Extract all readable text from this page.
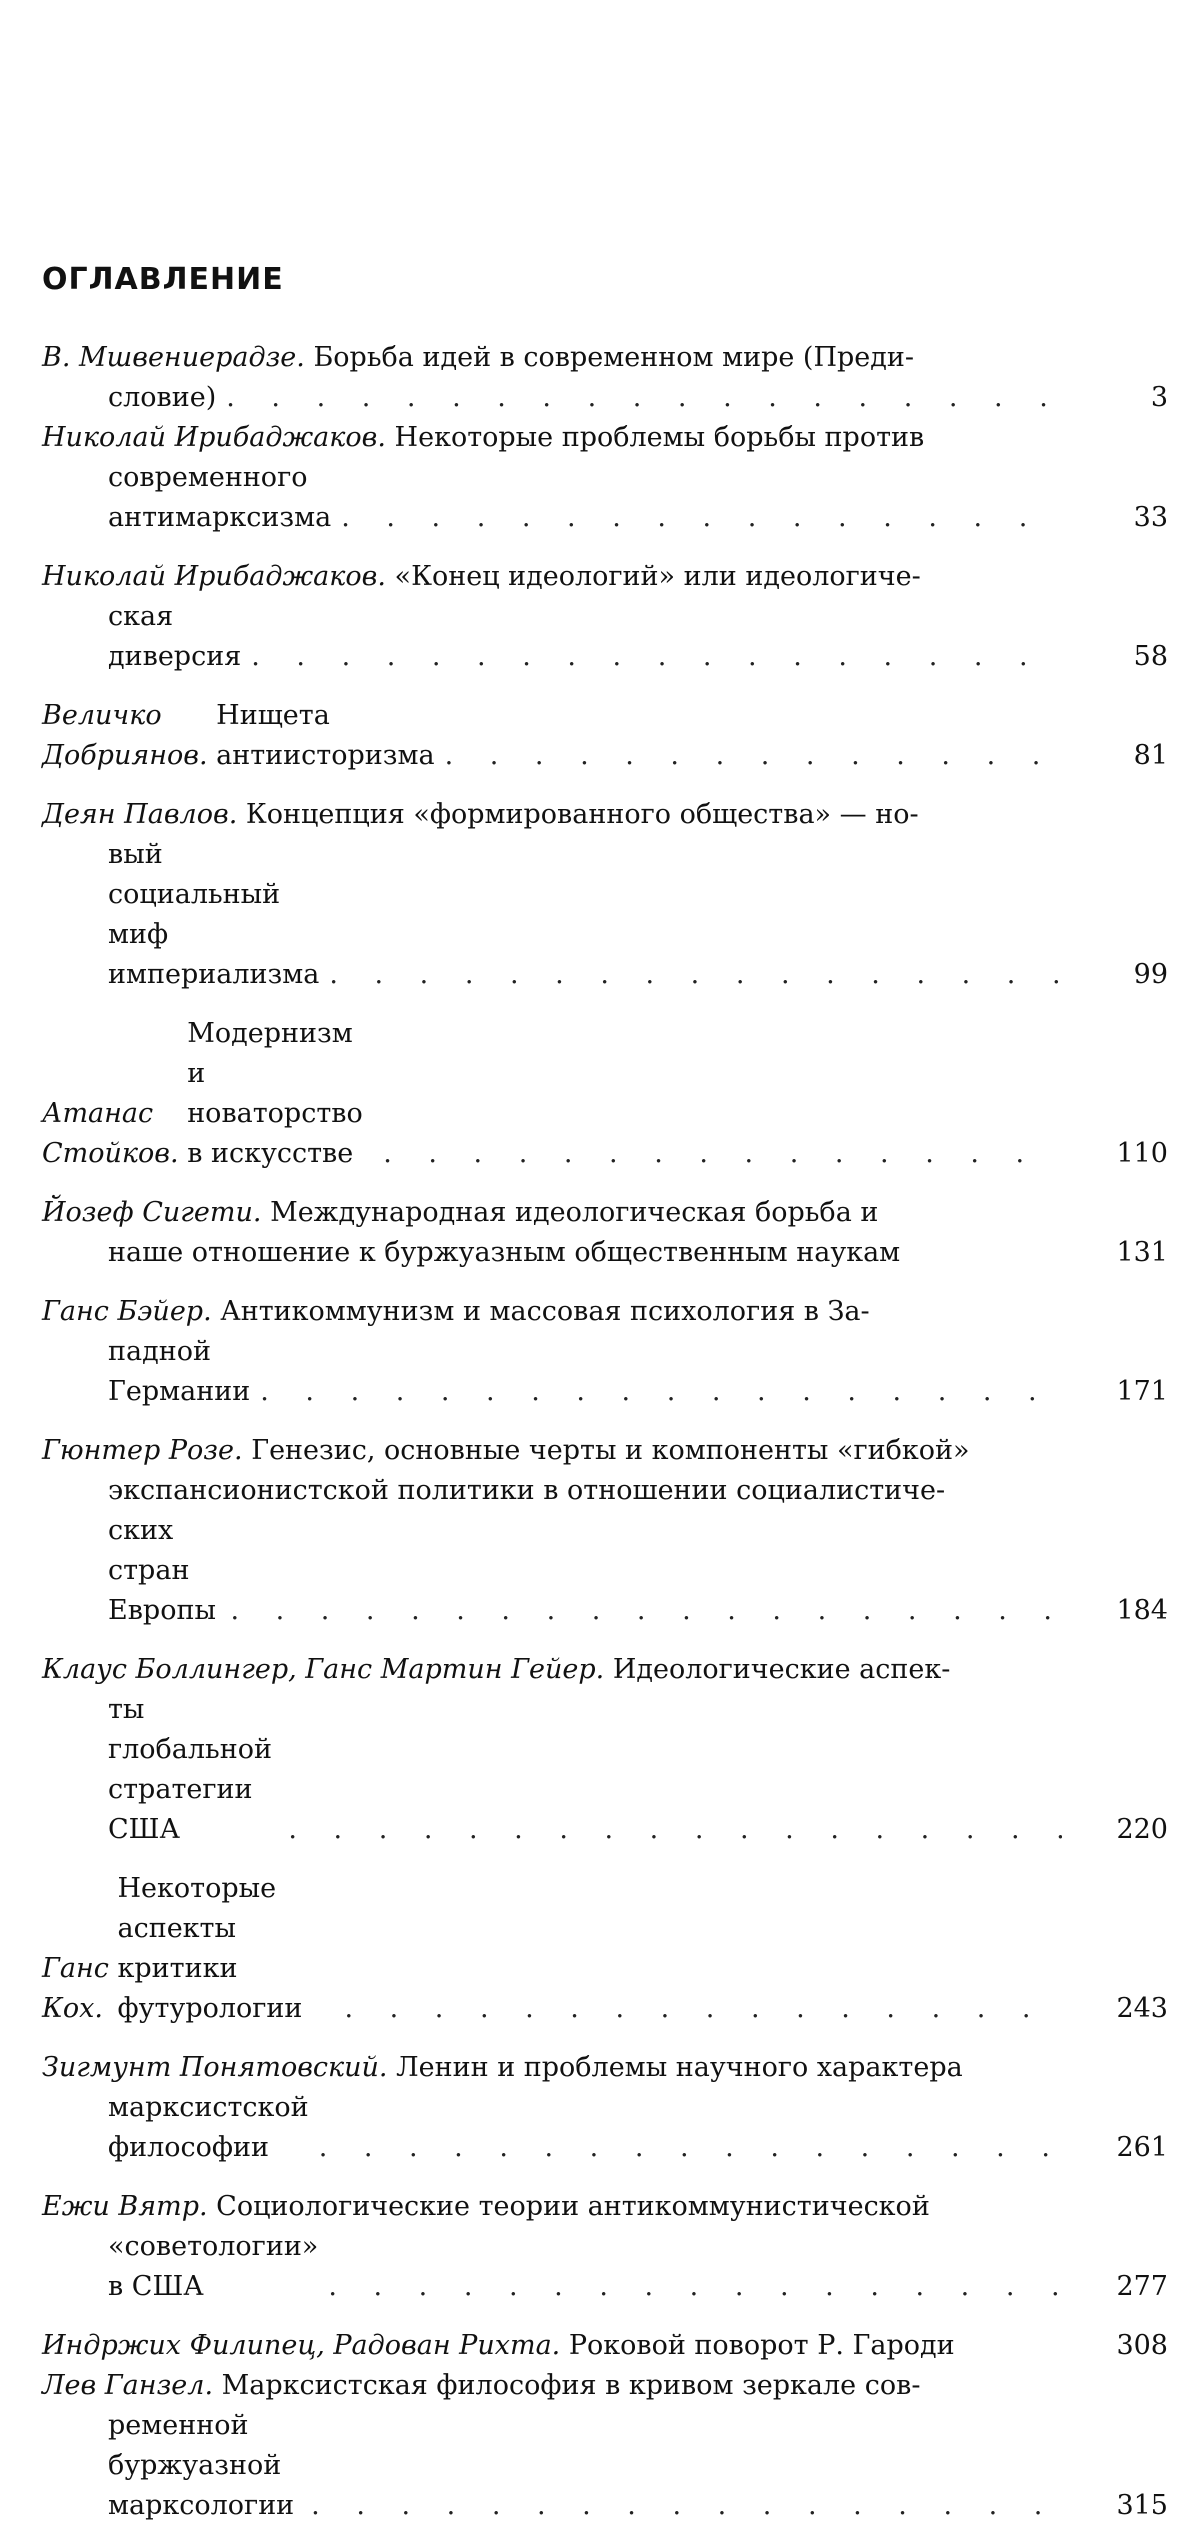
ОГЛАВЛЕНИЕ
В. Мшвениерадзе. Борьба идей в современном мире (Преди-
словие) . . .	3
Николай Ирибаджаков. Некоторые проблемы борьбы против
современного антимарксизма . . .	33
Николай Ирибаджаков. «Конец идеологий» или идеологиче-
ская диверсия . . .	58
Величко Добриянов.

Нищета антиисторизма . . .	81
Деян Павлов. Концепция «формированного общества» — но-
вый социальный миф империализма . . .	99
Атанас Стойков.

Модернизм и новаторство в искусстве . . .	110
Йозеф Сигети. Международная идеологическая борьба и
наше отношение к буржуазным общественным наукам	131
Ганс Бэйер. Антикоммунизм и массовая психология в За-
падной Германии . . .	171
Гюнтер Розе. Генезис, основные черты и компоненты «гибкой»
экспансионистской политики в отношении социалистиче-
ских стран Европы . . .	184
Клаус Боллингер, Ганс Мартин Гейер. Идеологические аспек-
ты глобальной стратегии США . . .	220
Ганс Кох.

Некоторые аспекты критики футурологии . . .	243
Зигмунт Понятовский. Ленин и проблемы научного характера
марксистской философии . . .	261
Ежи Вятр. Социологические теории антикоммунистической
«советологии» в США . . .	277
Индржих Филипец, Радован Рихта.
Роковой поворот Р. Гароди	308
Лев Ганзел. Марксистская философия в кривом зеркале сов-
ременной буржуазной марксологии . . .	315
